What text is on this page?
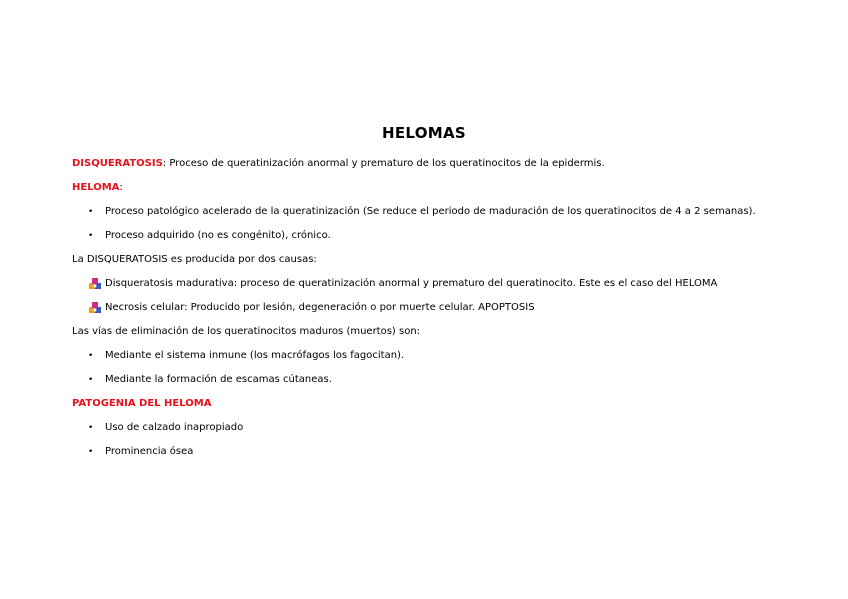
HELOMAS
DISQUERATOSIS: Proceso de queratinización anormal y prematuro de los queratinocitos de la epidermis.
HELOMA:
• Proceso patológico acelerado de la queratinización (Se reduce el periodo de maduración de los queratinocitos de 4 a 2 semanas).
• Proceso adquirido (no es congénito), crónico.
La DISQUERATOSIS es producida por dos causas:
Disqueratosis madurativa: proceso de queratinización anormal y prematuro del queratinocito. Este es el caso del HELOMA
Necrosis celular: Producido por lesión, degeneración o por muerte celular. APOPTOSIS
Las vías de eliminación de los queratinocitos maduros (muertos) son:
• Mediante el sistema inmune (los macrófagos los fagocitan).
• Mediante la formación de escamas cútaneas.
PATOGENIA DEL HELOMA
• Uso de calzado inapropiado
• Prominencia ósea
